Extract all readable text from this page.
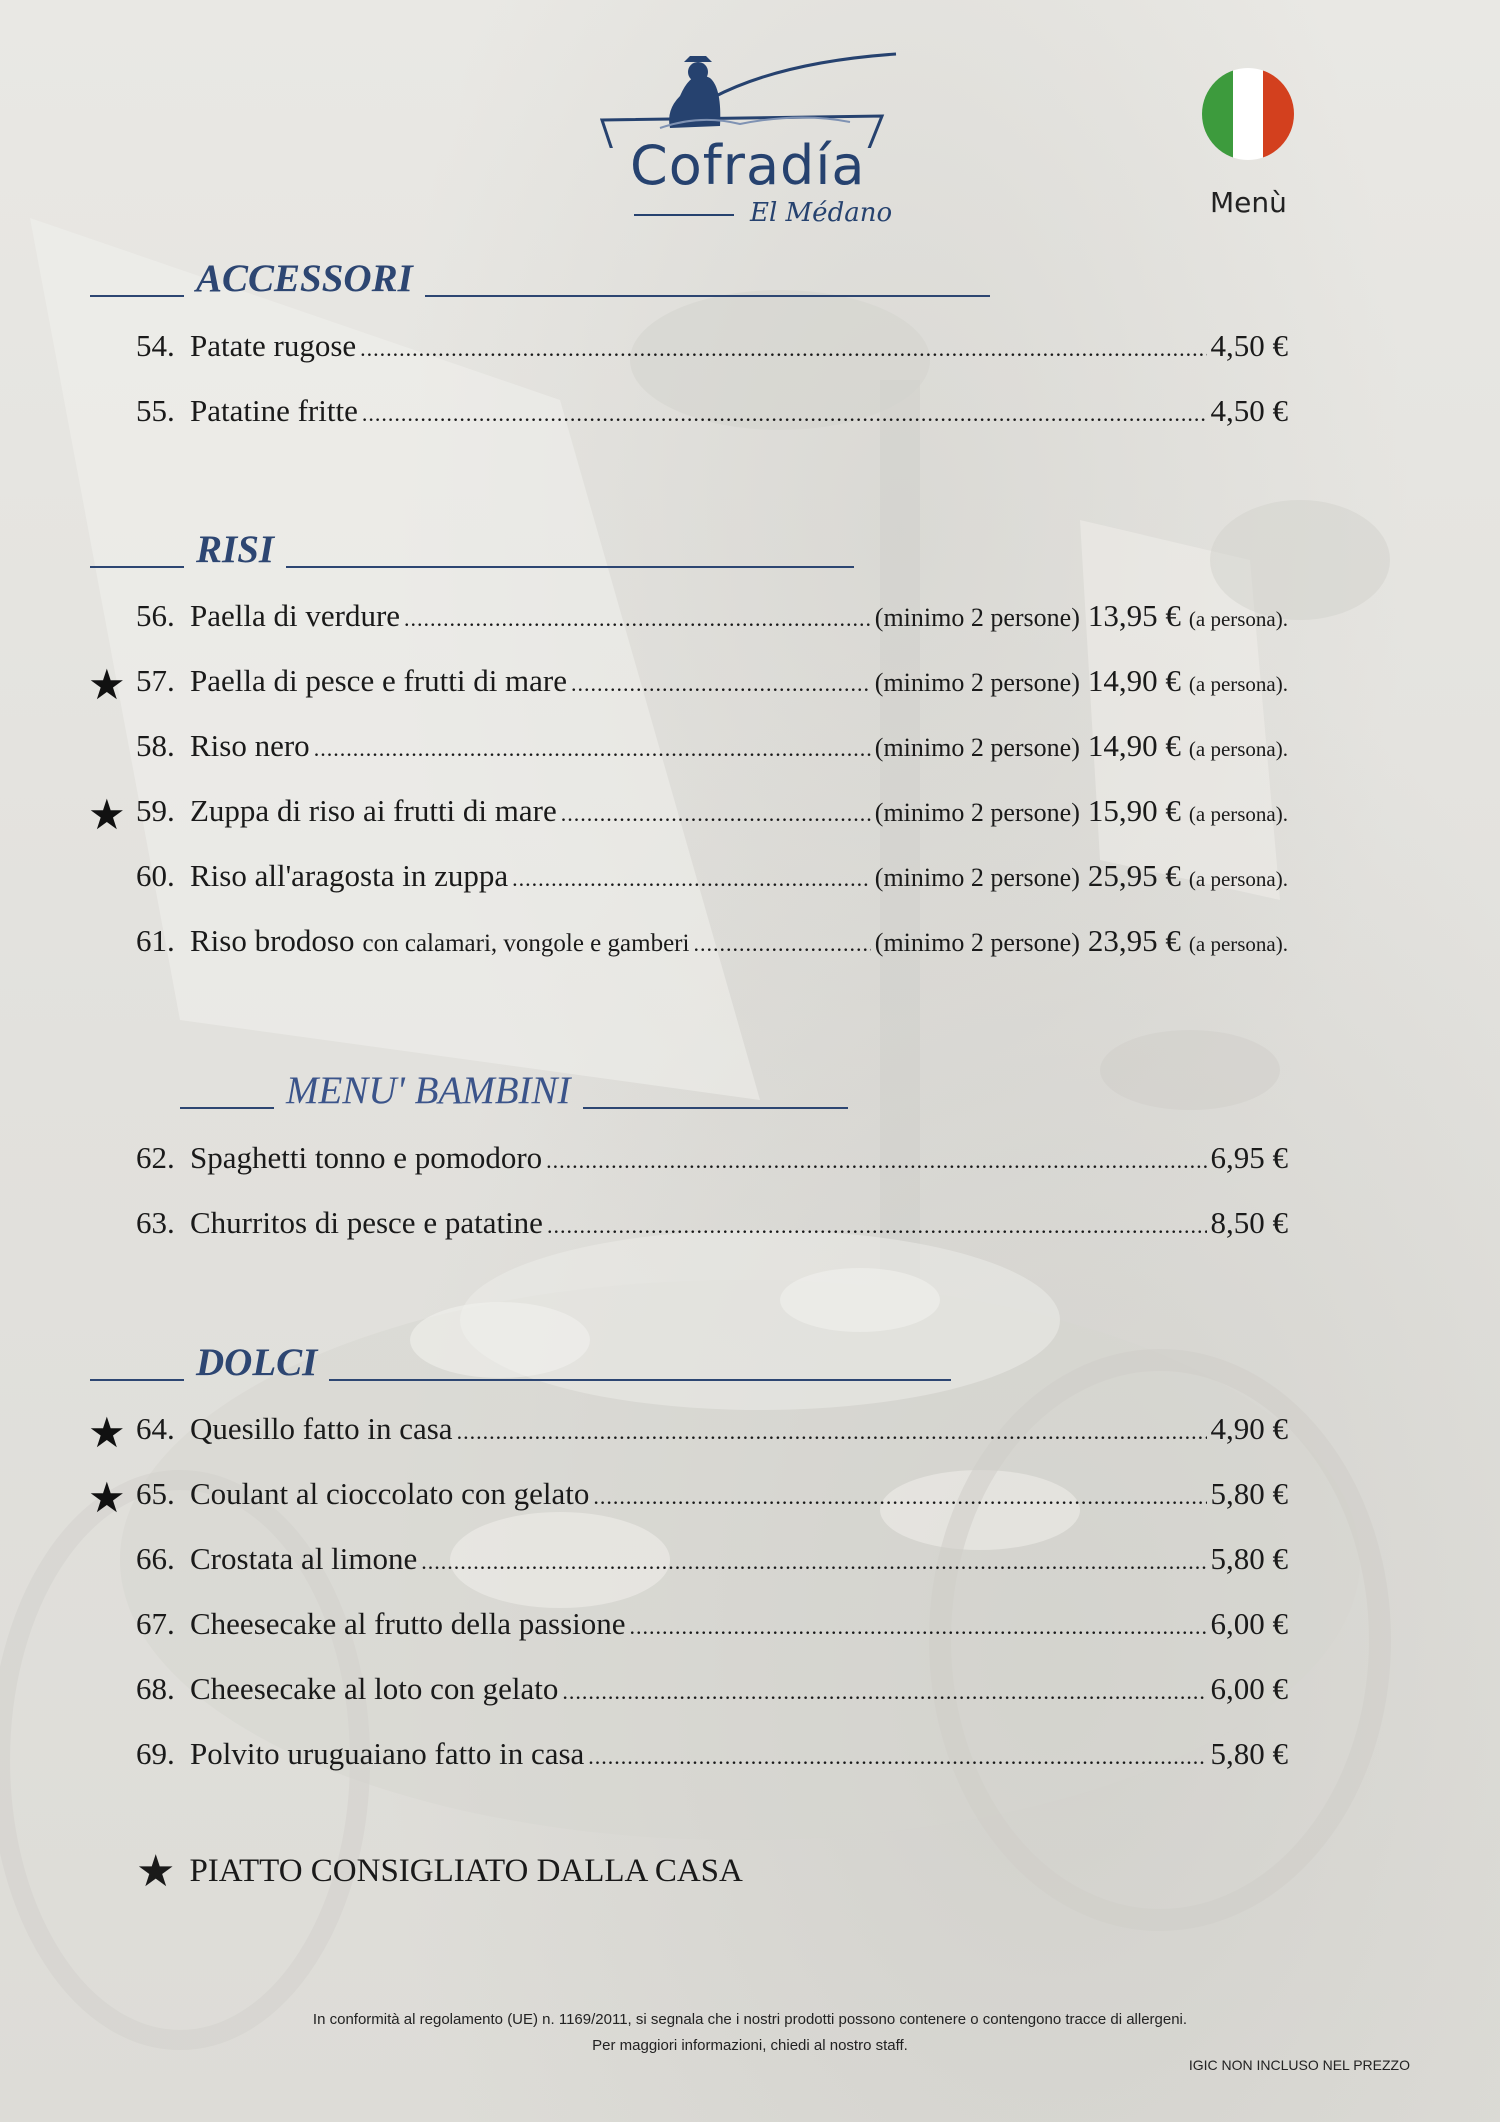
Cofradía
El Médano	Menù
ACCESSORI
RISI
MENU' BAMBINI
DOLCI
★ PIATTO CONSIGLIATO DALLA CASA
In conformità al regolamento (UE) n. 1169/2011, si segnala che i nostri prodotti possono contenere o contengono tracce di allergeni.
Per maggiori informazioni, chiedi al nostro staff.
IGIC NON INCLUSO NEL PREZZO
54. Patate rugose .....	4,50 €
55. Patatine fritte .....	4,50 €
56. Paella di verdure .....	(minimo 2 persone) 13,95 € (a persona).
57. Paella di pesce e frutti di mare .....	(minimo 2 persone) 14,90 € (a persona).
★
58. Riso nero .....	(minimo 2 persone) 14,90 € (a persona).
59. Zuppa di riso ai frutti di mare .....	(minimo 2 persone) 15,90 € (a persona).
★
60. Riso all'aragosta in zuppa .....	(minimo 2 persone) 25,95 € (a persona).
61. Riso brodoso con calamari, vongole e gamberi .....	(minimo 2 persone) 23,95 € (a persona).
62. Spaghetti tonno e pomodoro .....	6,95 €
63. Churritos di pesce e patatine .....	8,50 €
64. Quesillo fatto in casa .....	4,90 €
★
65. Coulant al cioccolato con gelato .....	5,80 €
★
66. Crostata al limone .....	5,80 €
67. Cheesecake al frutto della passione .....	6,00 €
68. Cheesecake al loto con gelato .....	6,00 €
69. Polvito uruguaiano fatto in casa .....	5,80 €
